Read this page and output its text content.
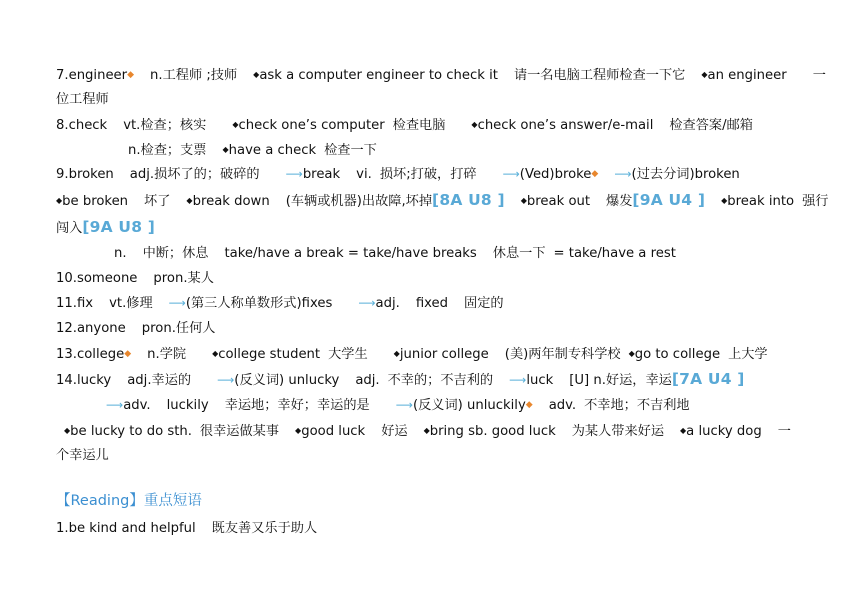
7.engineer◆ n.工程师 ;技师 ◆ask a computer engineer to check it 请一名电脑工程师检查一下它 ◆an engineer 一
位工程师
8.check vt.检查；核实	◆check one’s computer 检查电脑	◆check one’s answer/e-mail 检查答案/邮箱
n.检查；支票 ◆have a check 检查一下
9.broken adj.损坏了的；破碎的 ⟶break vi. 损坏;打破，打碎 ⟶(Ved)broke◆ ⟶(过去分词)broken
◆be broken 坏了 ◆break down (车辆或机器)出故障,坏掉[8A U8 ] ◆break out 爆发[9A U4 ] ◆break into 强行
闯入[9A U8 ]
n. 中断；休息 take/have a break = take/have breaks 休息一下 = take/have a rest
10.someone pron.某人
11.fix vt.修理 ⟶(第三人称单数形式)fixes ⟶adj. fixed 固定的
12.anyone pron.任何人
13.college◆ n.学院	◆college student 大学生	◆junior college (美)两年制专科学校 ◆go to college 上大学
14.lucky adj.幸运的 ⟶(反义词) unlucky adj. 不幸的；不吉利的 ⟶luck [U] n.好运，幸运[7A U4 ]
⟶adv. luckily 幸运地；幸好；幸运的是 ⟶(反义词) unluckily◆ adv. 不幸地；不吉利地
◆be lucky to do sth. 很幸运做某事 ◆good luck 好运 ◆bring sb. good luck 为某人带来好运 ◆a lucky dog 一
个幸运儿
【Reading】重点短语
1.be kind and helpful 既友善又乐于助人
